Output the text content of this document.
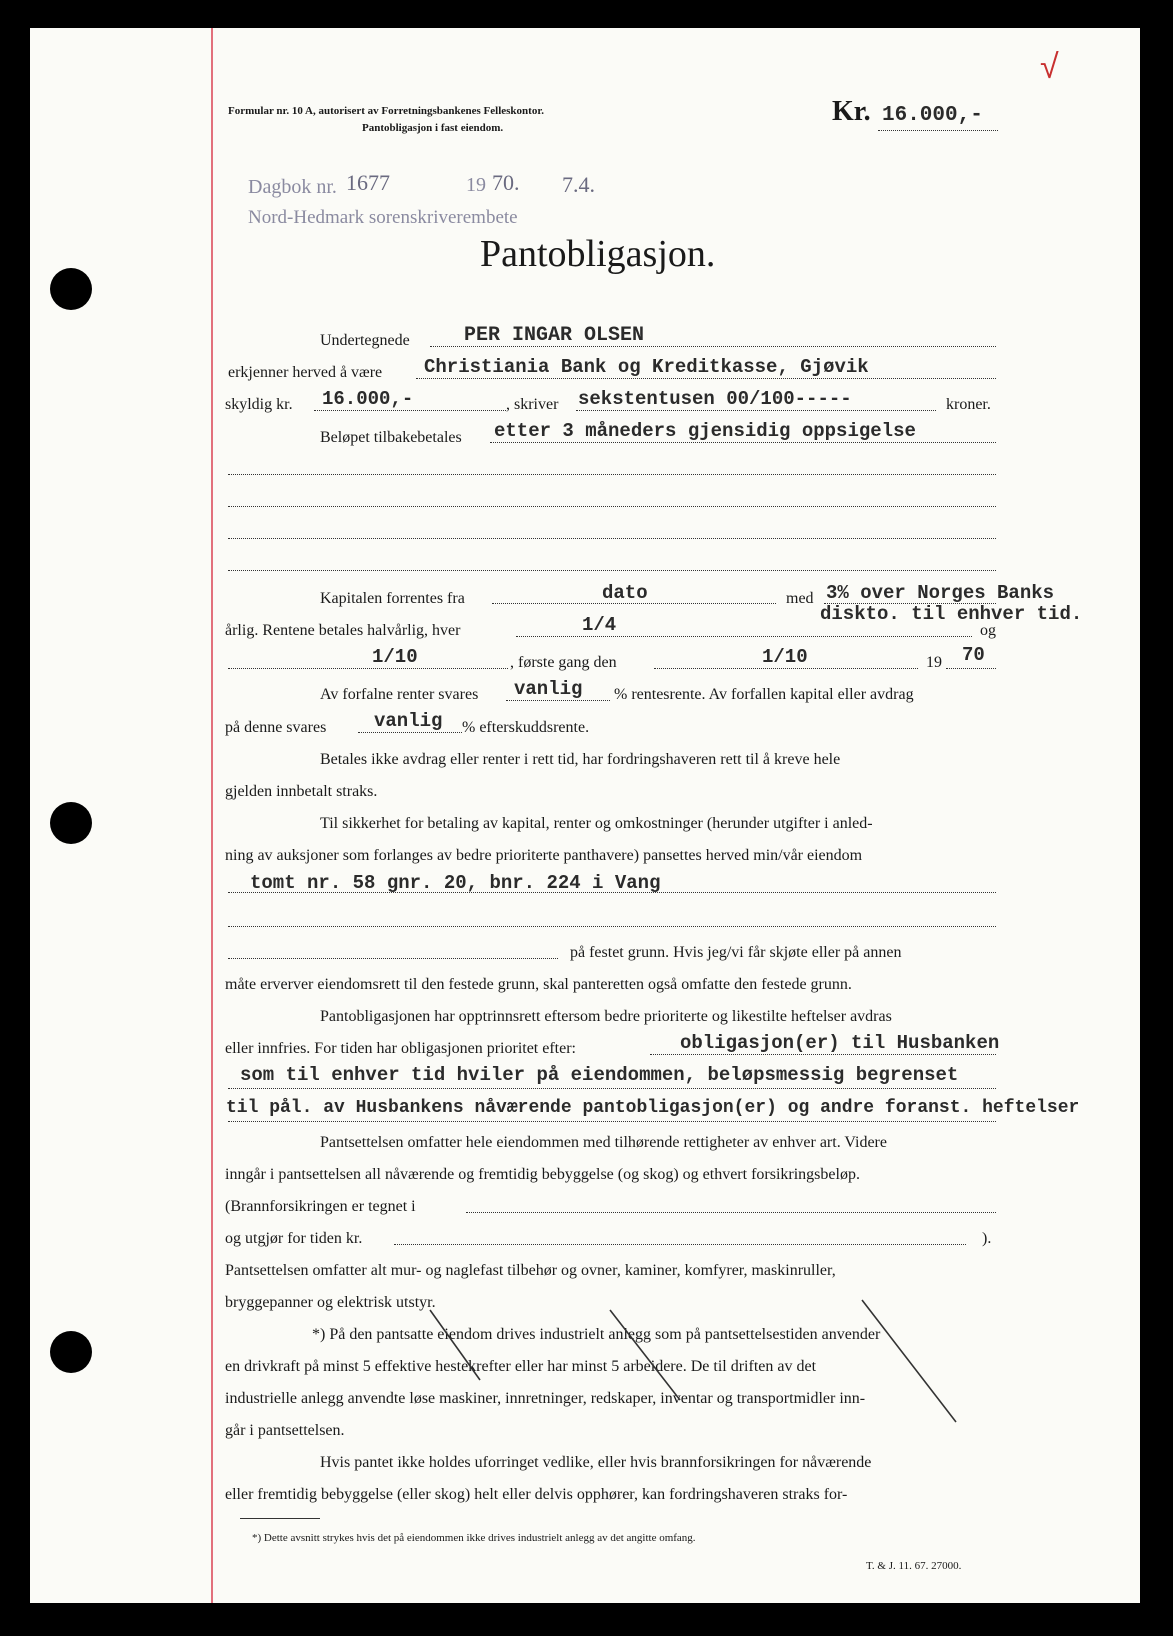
Formular nr. 10 A, autorisert av Forretningsbankenes Felleskontor.
Pantobligasjon i fast eiendom.
Kr. 16.000,-
√
Dagbok nr. 1677	19 70. 7.4.
Nord-Hedmark sorenskriverembete
Pantobligasjon.
Undertegnede	PER INGAR OLSEN
erkjenner herved å være Christiania Bank og Kreditkasse, Gjøvik
skyldig kr. 16.000,-	, skriver sekstentusen 00/100-----	kroner.
Beløpet tilbakebetales etter 3 måneders gjensidig oppsigelse
Kapitalen forrentes fra	dato	med 3% over Norges Banks
diskto. til enhver tid.
årlig. Rentene betales halvårlig, hver	1/4	og
1/10	, første gang den	1/10	19 70
Av forfalne renter svares vanlig % rentesrente. Av forfallen kapital eller avdrag
på denne svares	vanlig % efterskuddsrente.
Betales ikke avdrag eller renter i rett tid, har fordringshaveren rett til å kreve hele
gjelden innbetalt straks.
Til sikkerhet for betaling av kapital, renter og omkostninger (herunder utgifter i anled-
ning av auksjoner som forlanges av bedre prioriterte panthavere) pansettes herved min/vår eiendom
tomt nr. 58 gnr. 20, bnr. 224 i Vang
på festet grunn. Hvis jeg/vi får skjøte eller på annen
måte erverver eiendomsrett til den festede grunn, skal panteretten også omfatte den festede grunn.
Pantobligasjonen har opptrinnsrett eftersom bedre prioriterte og likestilte heftelser avdras
eller innfries. For tiden har obligasjonen prioritet efter:	obligasjon(er) til Husbanken
som til enhver tid hviler på eiendommen, beløpsmessig begrenset
til pål. av Husbankens nåværende pantobligasjon(er) og andre foranst. heftelser
Pantsettelsen omfatter hele eiendommen med tilhørende rettigheter av enhver art. Videre
inngår i pantsettelsen all nåværende og fremtidig bebyggelse (og skog) og ethvert forsikringsbeløp.
(Brannforsikringen er tegnet i
og utgjør for tiden kr.	).
Pantsettelsen omfatter alt mur- og naglefast tilbehør og ovner, kaminer, komfyrer, maskinruller,
bryggepanner og elektrisk utstyr.
*) På den pantsatte eiendom drives industrielt anlegg som på pantsettelsestiden anvender
en drivkraft på minst 5 effektive hestekrefter eller har minst 5 arbeidere. De til driften av det
industrielle anlegg anvendte løse maskiner, innretninger, redskaper, inventar og transportmidler inn-
går i pantsettelsen.
Hvis pantet ikke holdes uforringet vedlike, eller hvis brannforsikringen for nåværende
eller fremtidig bebyggelse (eller skog) helt eller delvis opphører, kan fordringshaveren straks for-
*) Dette avsnitt strykes hvis det på eiendommen ikke drives industrielt anlegg av det angitte omfang.
T. & J. 11. 67. 27000.
